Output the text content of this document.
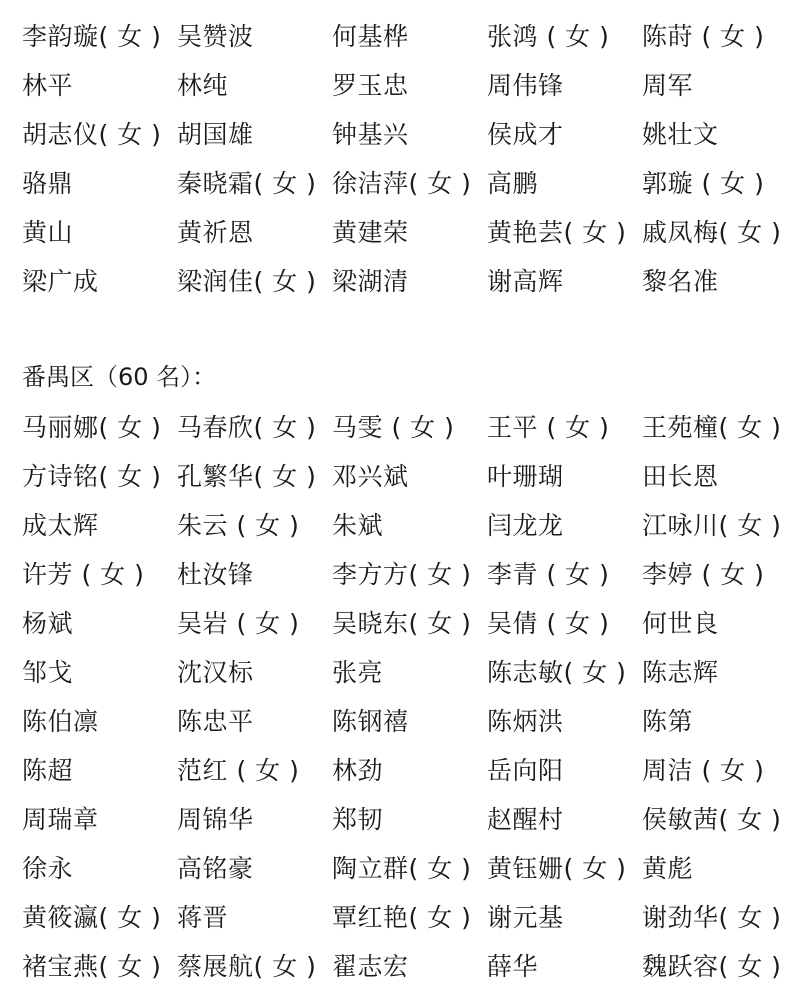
李韵璇( 女 ) 吴赞波	何基桦	张鸿 ( 女 )	陈莳 ( 女 )
林平	林纯	罗玉忠	周伟锋	周军
胡志仪( 女 ) 胡国雄	钟基兴	侯成才	姚壮文
骆鼎	秦晓霜( 女 ) 徐洁萍( 女 ) 高鹏	郭璇 ( 女 )
黄山	黄祈恩	黄建荣	黄艳芸( 女 ) 戚凤梅( 女 )
梁广成	梁润佳( 女 ) 梁湖清	谢高辉	黎名准
番禺区（60 名）：
马丽娜( 女 ) 马春欣( 女 ) 马雯 ( 女 )	王平 ( 女 )	王苑橦( 女 )
方诗铭( 女 ) 孔繁华( 女 ) 邓兴斌	叶珊瑚	田长恩
成太辉	朱云 ( 女 )	朱斌	闫龙龙	江咏川( 女 )
许芳 ( 女 )	杜汝锋	李方方( 女 ) 李青 ( 女 )	李婷 ( 女 )
杨斌	吴岩 ( 女 )	吴晓东( 女 ) 吴倩 ( 女 )	何世良
邹戈	沈汉标	张亮	陈志敏( 女 ) 陈志辉
陈伯凛	陈忠平	陈钢禧	陈炳洪	陈第
陈超	范红 ( 女 )	林劲	岳向阳	周洁 ( 女 )
周瑞章	周锦华	郑韧	赵醒村	侯敏茜( 女 )
徐永	高铭豪	陶立群( 女 ) 黄钰姗( 女 ) 黄彪
黄筱瀛( 女 ) 蒋晋	覃红艳( 女 ) 谢元基	谢劲华( 女 )
褚宝燕( 女 ) 蔡展航( 女 ) 翟志宏	薛华	魏跃容( 女 )
